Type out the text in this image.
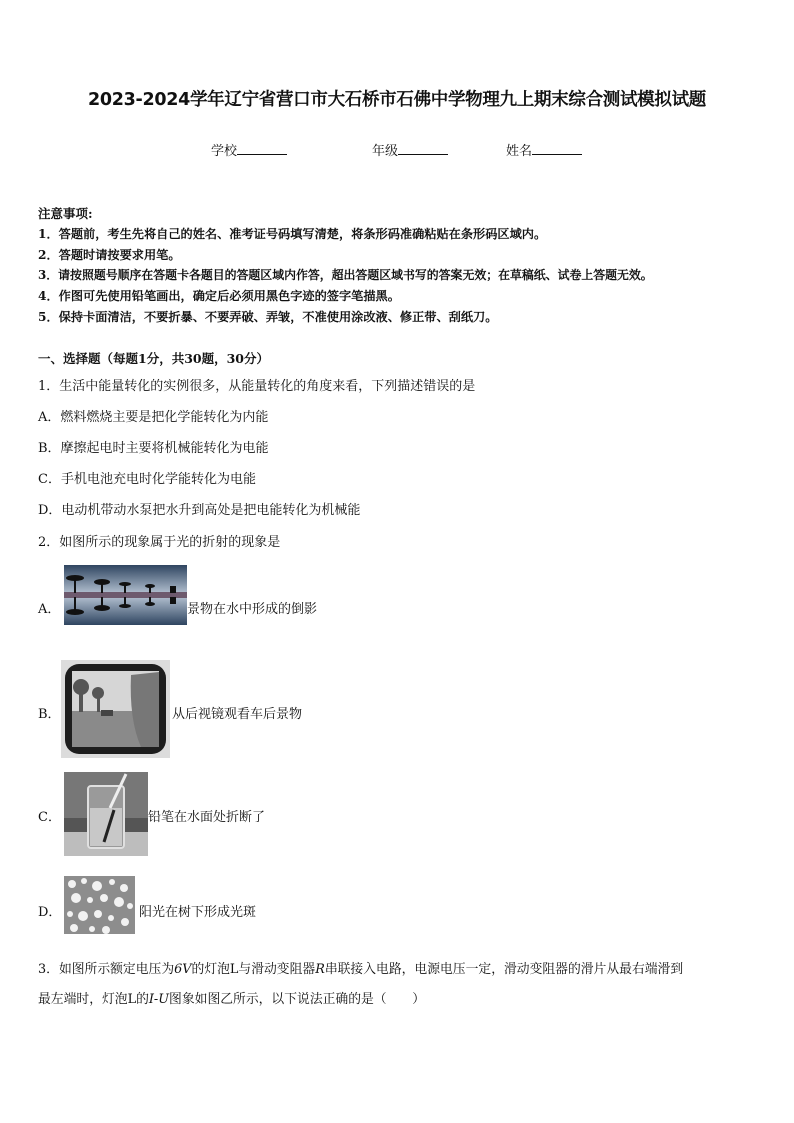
2023-2024学年辽宁省营口市大石桥市石佛中学物理九上期末综合测试模拟试题
学校	年级	姓名
注意事项:
1．答题前，考生先将自己的姓名、准考证号码填写清楚，将条形码准确粘贴在条形码区域内。
2．答题时请按要求用笔。
3．请按照题号顺序在答题卡各题目的答题区域内作答，超出答题区域书写的答案无效；在草稿纸、试卷上答题无效。
4．作图可先使用铅笔画出，确定后必须用黑色字迹的签字笔描黑。
5．保持卡面清洁，不要折暴、不要弄破、弄皱，不准使用涂改液、修正带、刮纸刀。
一、选择题（每题1分，共30题，30分）
1．生活中能量转化的实例很多，从能量转化的角度来看，下列描述错误的是
A．燃料燃烧主要是把化学能转化为内能
B．摩擦起电时主要将机械能转化为电能
C．手机电池充电时化学能转化为电能
D．电动机带动水泵把水升到高处是把电能转化为机械能
2．如图所示的现象属于光的折射的现象是
A．	景物在水中形成的倒影
B．	从后视镜观看车后景物
C．	铅笔在水面处折断了
D．	阳光在树下形成光斑
3．如图所示额定电压为6V的灯泡L与滑动变阻器R串联接入电路，电源电压一定，滑动变阻器的滑片从最右端滑到
最左端时，灯泡L的I-U图象如图乙所示，以下说法正确的是（　　）
